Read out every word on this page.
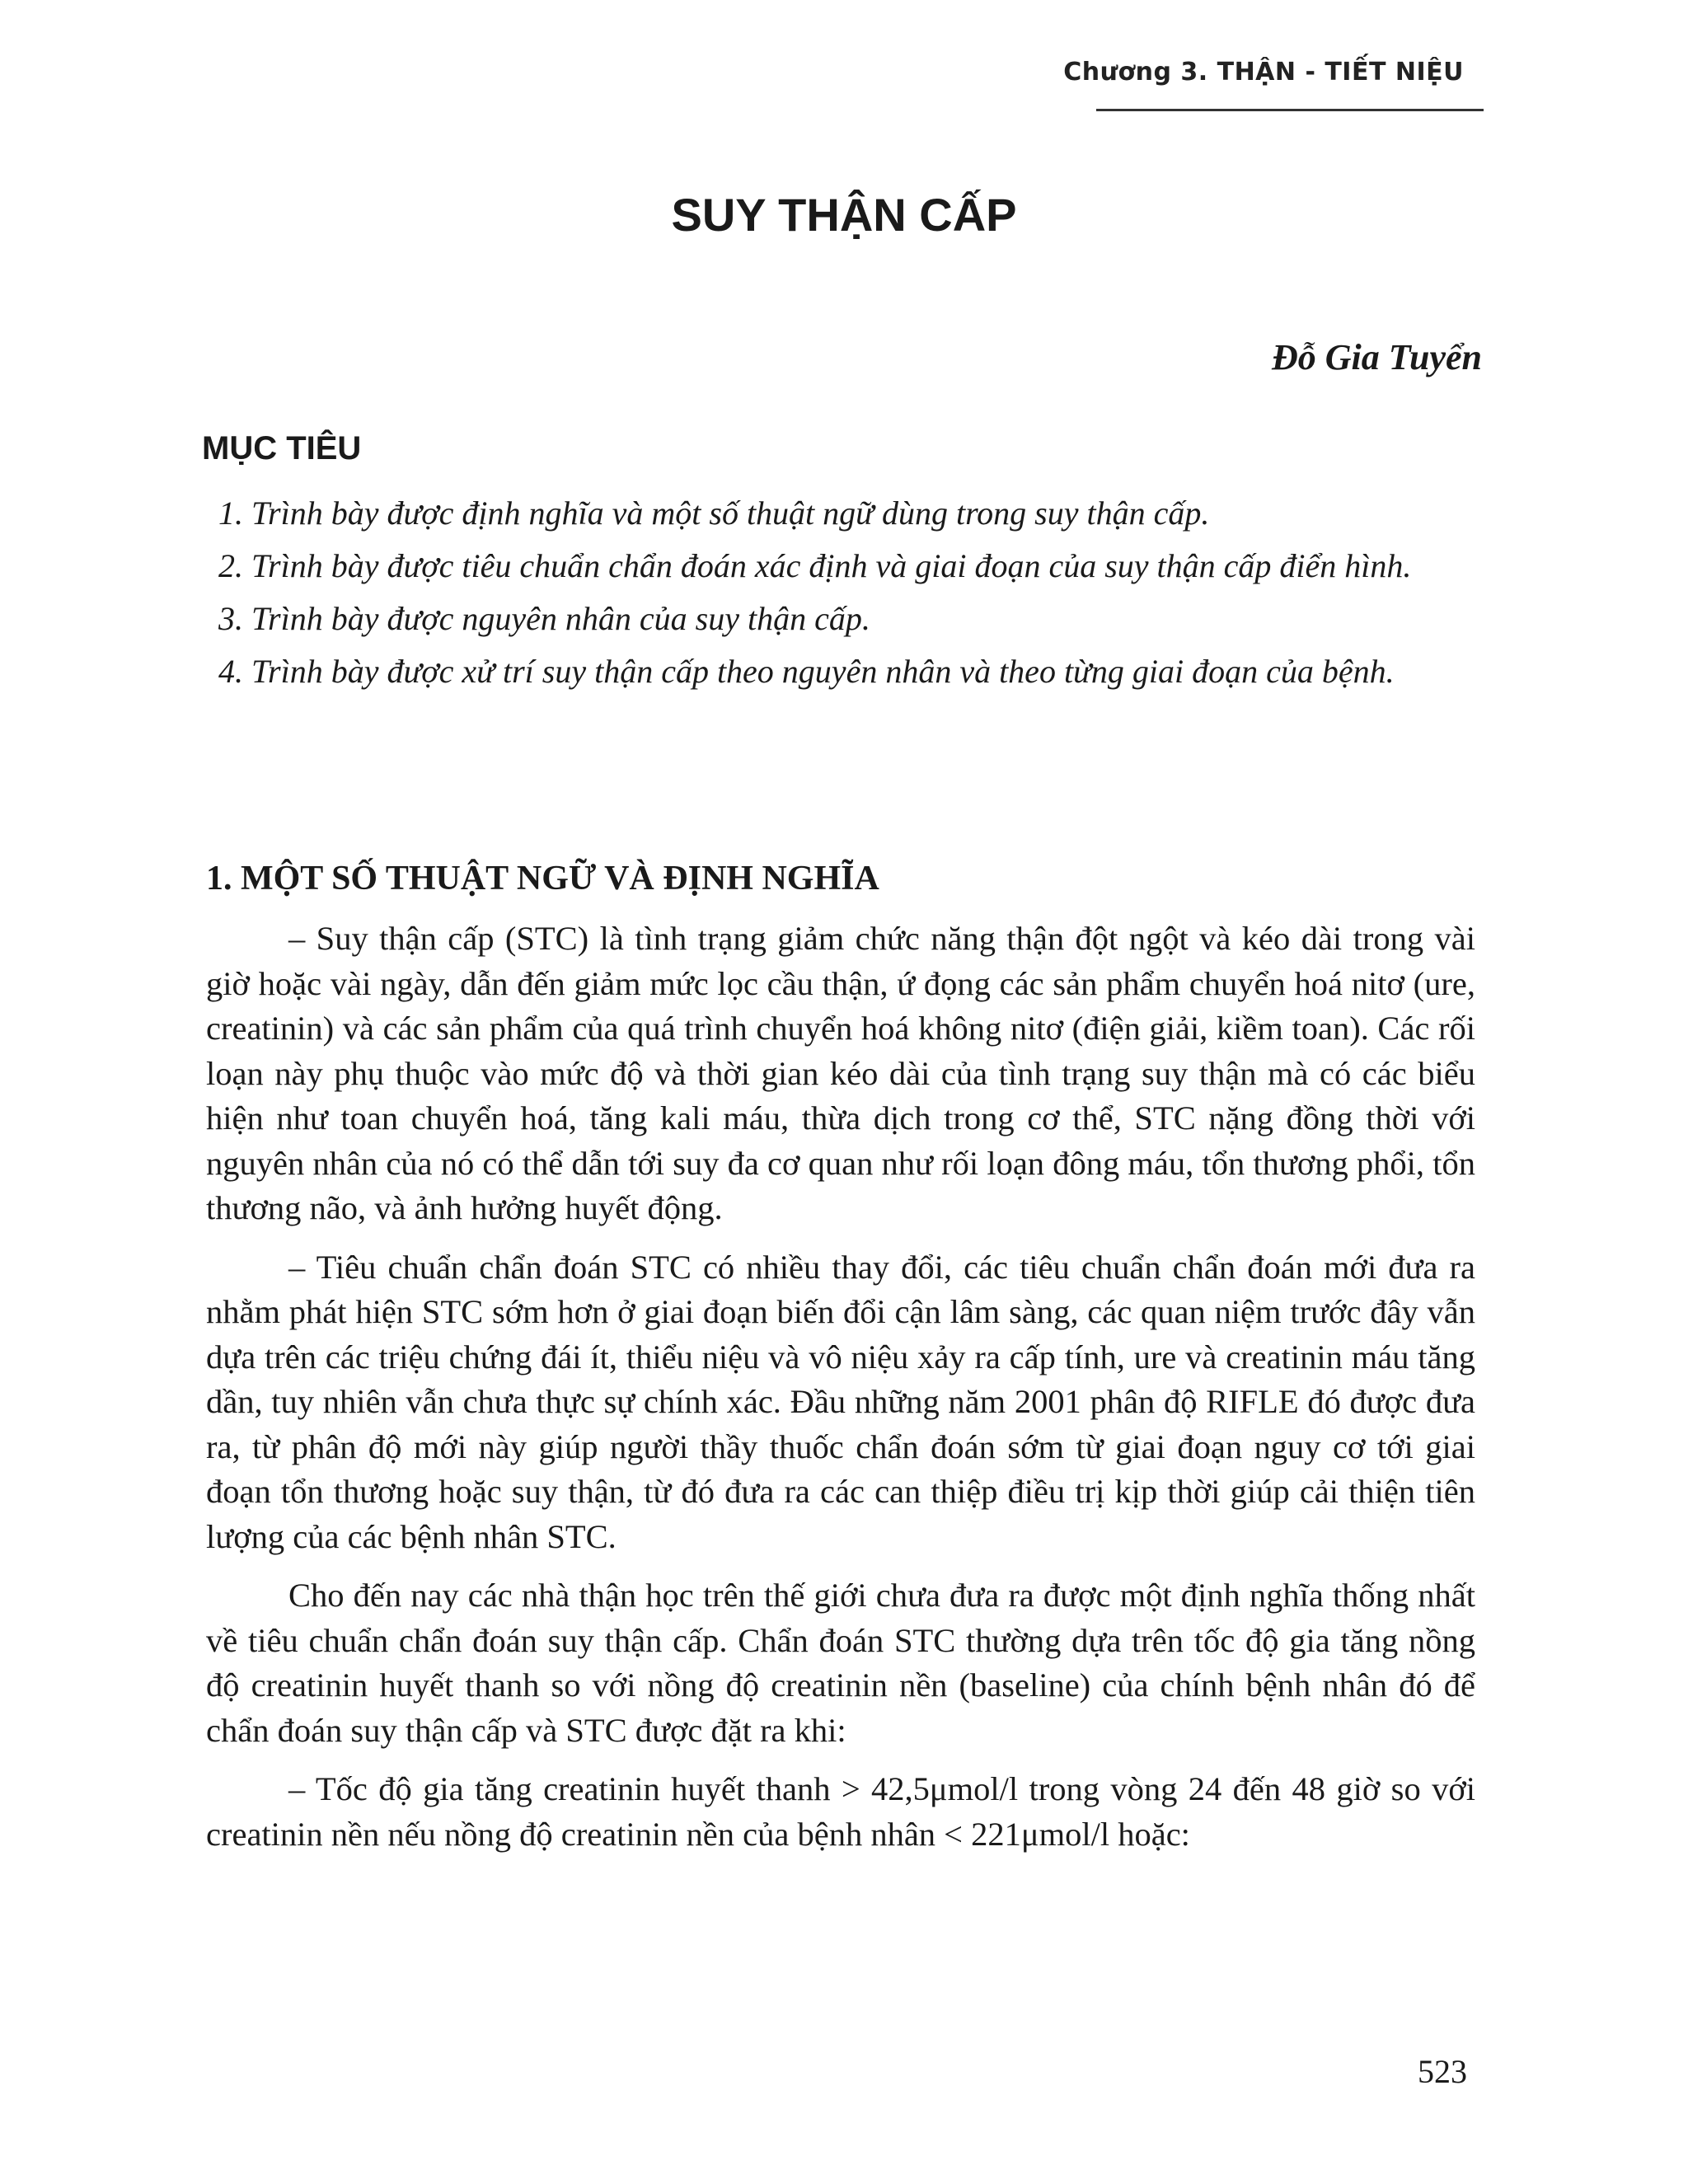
Chương 3. THẬN - TIẾT NIỆU
SUY THẬN CẤP
Đỗ Gia Tuyển
MỤC TIÊU
1. Trình bày được định nghĩa và một số thuật ngữ dùng trong suy thận cấp.
2. Trình bày được tiêu chuẩn chẩn đoán xác định và giai đoạn của suy thận cấp điển hình.
3. Trình bày được nguyên nhân của suy thận cấp.
4. Trình bày được xử trí suy thận cấp theo nguyên nhân và theo từng giai đoạn của bệnh.
1. MỘT SỐ THUẬT NGỮ VÀ ĐỊNH NGHĨA

– Suy thận cấp (STC) là tình trạng giảm chức năng thận đột ngột và kéo dài trong vài giờ hoặc vài ngày, dẫn đến giảm mức lọc cầu thận, ứ đọng các sản phẩm chuyển hoá nitơ (ure, creatinin) và các sản phẩm của quá trình chuyển hoá không nitơ (điện giải, kiềm toan). Các rối loạn này phụ thuộc vào mức độ và thời gian kéo dài của tình trạng suy thận mà có các biểu hiện như toan chuyển hoá, tăng kali máu, thừa dịch trong cơ thể, STC nặng đồng thời với nguyên nhân của nó có thể dẫn tới suy đa cơ quan như rối loạn đông máu, tổn thương phổi, tổn thương não, và ảnh hưởng huyết động.

– Tiêu chuẩn chẩn đoán STC có nhiều thay đổi, các tiêu chuẩn chẩn đoán mới đưa ra nhằm phát hiện STC sớm hơn ở giai đoạn biến đổi cận lâm sàng, các quan niệm trước đây vẫn dựa trên các triệu chứng đái ít, thiểu niệu và vô niệu xảy ra cấp tính, ure và creatinin máu tăng dần, tuy nhiên vẫn chưa thực sự chính xác. Đầu những năm 2001 phân độ RIFLE đó được đưa ra, từ phân độ mới này giúp người thầy thuốc chẩn đoán sớm từ giai đoạn nguy cơ tới giai đoạn tổn thương hoặc suy thận, từ đó đưa ra các can thiệp điều trị kịp thời giúp cải thiện tiên lượng của các bệnh nhân STC.

Cho đến nay các nhà thận học trên thế giới chưa đưa ra được một định nghĩa thống nhất về tiêu chuẩn chẩn đoán suy thận cấp. Chẩn đoán STC thường dựa trên tốc độ gia tăng nồng độ creatinin huyết thanh so với nồng độ creatinin nền (baseline) của chính bệnh nhân đó để chẩn đoán suy thận cấp và STC được đặt ra khi:

– Tốc độ gia tăng creatinin huyết thanh > 42,5μmol/l trong vòng 24 đến 48 giờ so với creatinin nền nếu nồng độ creatinin nền của bệnh nhân < 221μmol/l hoặc:

523
